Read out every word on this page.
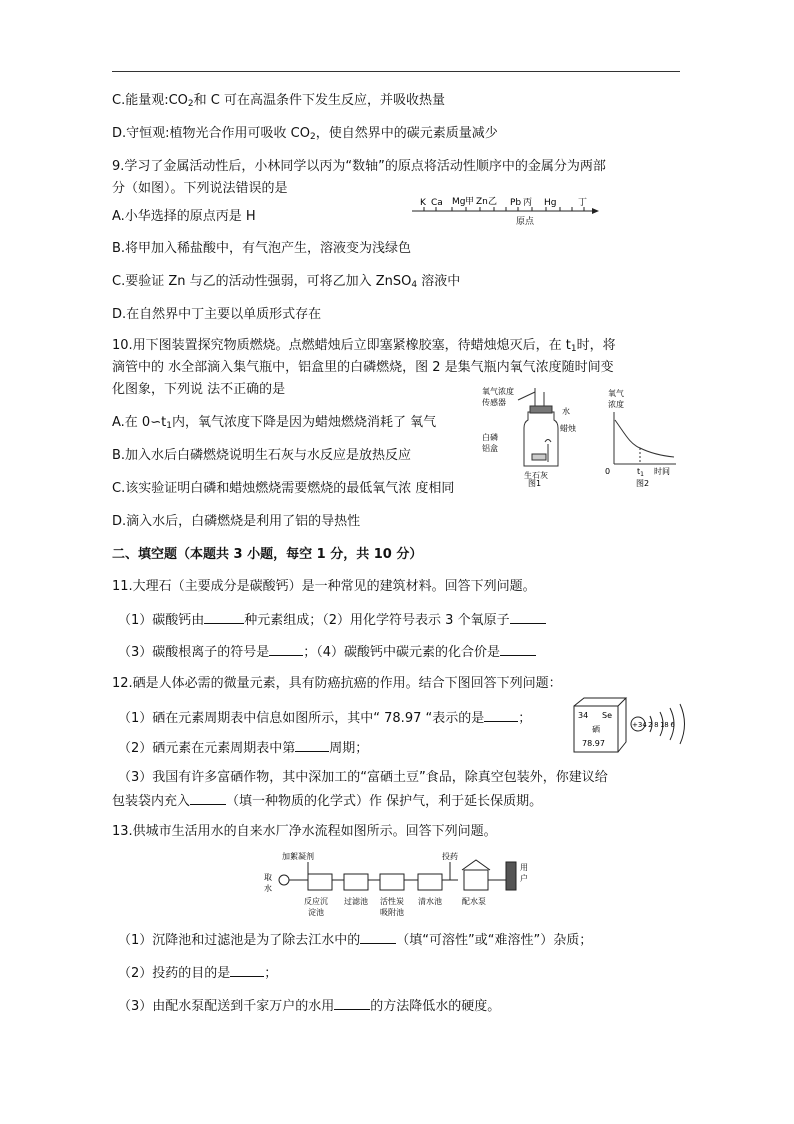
C.能量观$:CO_2$和 C 可在高温条件下发生反应，并吸收热量
D.守恒观:植物光合作用可吸收 $CO_2$，使自然界中的碳元素质量减少
9.学习了金属活动性后，小林同学以丙为“数轴”的原点将活动性顺序中的金属分为两部
分（如图）。下列说法错误的是
A.小华选择的原点丙是 H
B.将甲加入稀盐酸中，有气泡产生，溶液变为浅绿色
C.要验证 Zn 与乙的活动性强弱，可将乙加入 ZnSO$_4$ 溶液中
D.在自然界中丁主要以单质形式存在
K Ca Mg 甲 Zn 乙 Pb 丙 Hg 丁
原点
10.用下图装置探究物质燃烧。点燃蜡烛后立即塞紧橡胶塞，待蜡烛熄灭后，在 $t_1$时，将
滴管中的 水全部滴入集气瓶中，铝盒里的白磷燃烧，图 2 是集气瓶内氧气浓度随时间变
化图象，下列说 法不正确的是
A.在 $0∽t_1$内，氧气浓度下降是因为蜡烛燃烧消耗了 氧气
B.加入水后白磷燃烧说明生石灰与水反应是放热反应
C.该实验证明白磷和蜡烛燃烧需要燃烧的最低氧气浓 度相同
D.滴入水后，白磷燃烧是利用了铝的导热性
氧气浓度
传感器
水
蜡烛
白磷
铝盒
生石灰
图1
氧气
浓度
0	$t_1$ 时间
图2
二、填空题（本题共 3 小题，每空 1 分，共 10 分）
11.大理石（主要成分是碳酸钙）是一种常见的建筑材料。回答下列问题。
（1）碳酸钙由	种元素组成；（2）用化学符号表示 3 个氧原子
（3）碳酸根离子的符号是	；（4）碳酸钙中碳元素的化合价是
12.硒是人体必需的微量元素，具有防癌抗癌的作用。结合下图回答下列问题：
（1）硒在元素周期表中信息如图所示，其中“ 78.97 “表示的是	；
（2）硒元素在元素周期表中第	周期；
（3）我国有许多富硒作物，其中深加工的“富硒土豆”食品，除真空包装外，你建议给
包装袋内充入	（填一种物质的化学式）作 保护气，利于延长保质期。
34 Se
硒
78.97
+34 2 8 18 6
13.供城市生活用水的自来水厂净水流程如图所示。回答下列问题。
加絮凝剂	投药
取
水
反应沉
淀池
过滤池 活性炭
吸附池
清水池	配水泵
用
户
（1）沉降池和过滤池是为了除去江水中的	（填“可溶性”或“难溶性”）杂质；
（2）投药的目的是	；
（3）由配水泵配送到千家万户的水用	的方法降低水的硬度。
